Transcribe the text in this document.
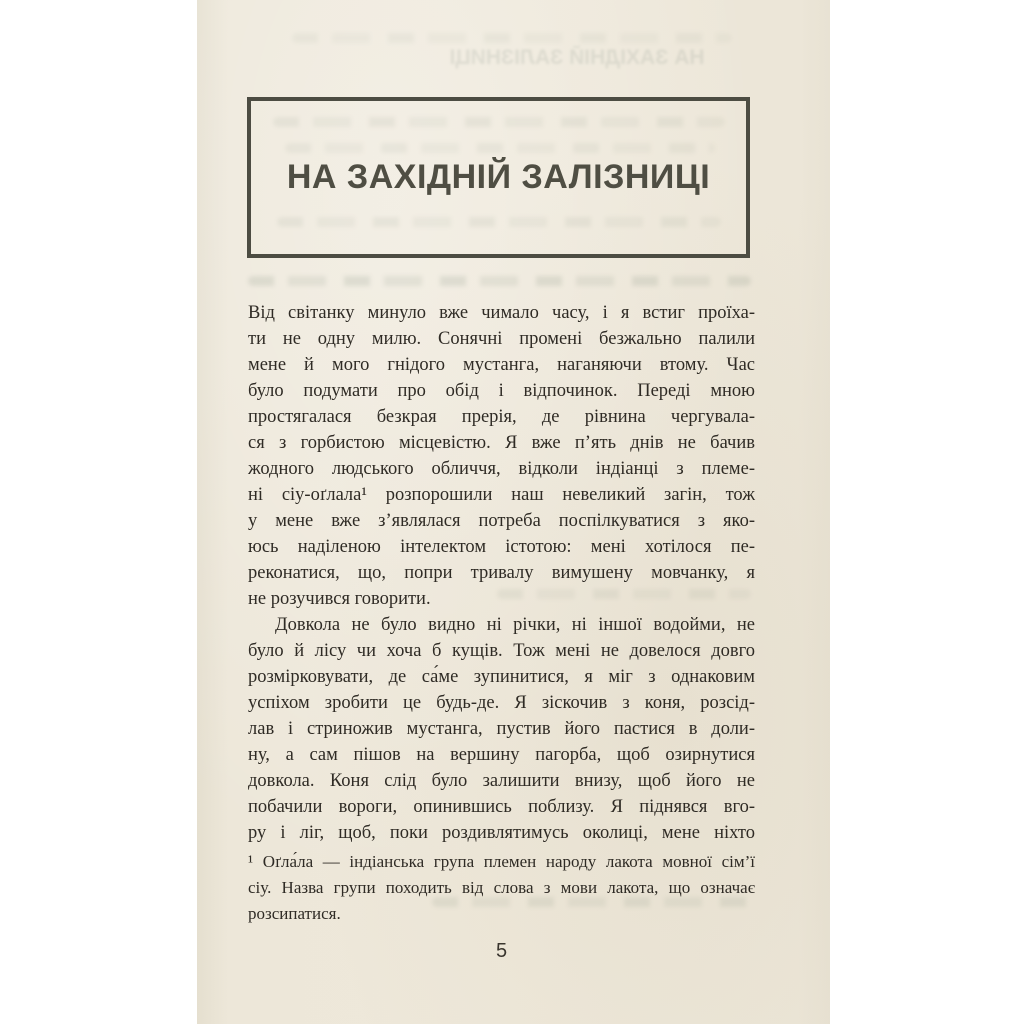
НА ЗАХІДНІЙ ЗАЛІЗНИЦІ
НА ЗАХІДНІЙ ЗАЛІЗНИЦІ
Від світанку минуло вже чимало часу, і я встиг проїха-
ти не одну милю. Сонячні промені безжально палили
мене й мого гнідого мустанга, наганяючи втому. Час
було подумати про обід і відпочинок. Переді мною
простягалася безкрая прерія, де рівнина чергувала-
ся з горбистою місцевістю. Я вже п’ять днів не бачив
жодного людського обличчя, відколи індіанці з племе-
ні сіу-оґлала¹ розпорошили наш невеликий загін, тож
у мене вже з’являлася потреба поспілкуватися з яко-
юсь наділеною інтелектом істотою: мені хотілося пе-
реконатися, що, попри тривалу вимушену мовчанку, я
не розучився говорити.
Довкола не було видно ні річки, ні іншої водойми, не
було й лісу чи хоча б кущів. Тож мені не довелося довго
розмірковувати, де са́ме зупинитися, я міг з однаковим
успіхом зробити це будь-де. Я зіскочив з коня, розсід-
лав і стриножив мустанга, пустив його пастися в доли-
ну, а сам пішов на вершину пагорба, щоб озирнутися
довкола. Коня слід було залишити внизу, щоб його не
побачили вороги, опинившись поблизу. Я піднявся вго-
ру і ліг, щоб, поки роздивлятимусь околиці, мене ніхто
¹ Оґла́ла — індіанська група племен народу лакота мовної сім’ї
сіу. Назва групи походить від слова з мови лакота, що означає
розсипатися.
5
